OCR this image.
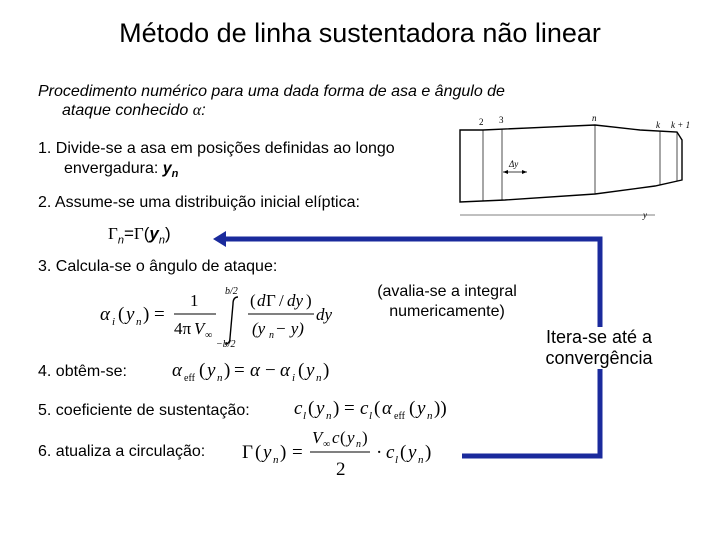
Método de linha sustentadora não linear
Procedimento numérico para uma dada forma de asa e ângulo de
ataque conhecido α:
2 3	n
k k + 1
Δy
y
1. Divide-se a asa em posições definidas ao longo
envergadura: $y_n$
2. Assume-se uma distribuição inicial elíptica:
$\Gamma_n=\Gamma(y_n)$
3. Calcula-se o ângulo de ataque:
(avalia-se a integral
numericamente)
α i ( y n ) =
1
4π V ∞
b/2
−b/2
( d Γ / dy )
(y n − y)
dy
4. obtêm-se: α eff ( y n ) = α − α i ( y n )
5. coeficiente de sustentação: c l ( y n ) = c l ( α eff ( y n ))
6. atualiza a circulação: Γ ( y n ) =
V ∞ c ( y n )
2
· c l ( y n )
Itera-se até a
convergência
